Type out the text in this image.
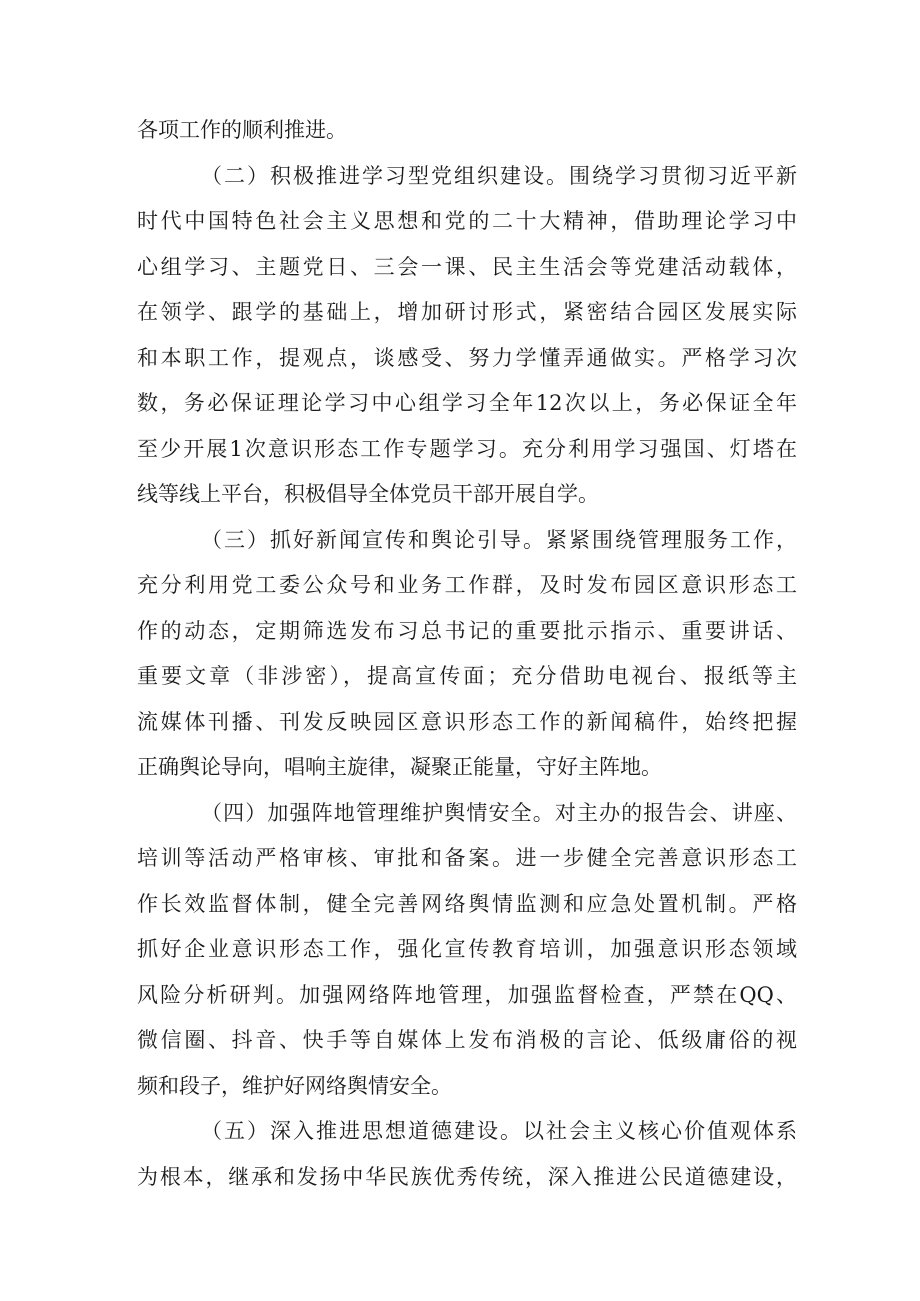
各项工作的顺利推进。
（二）积极推进学习型党组织建设。围绕学习贯彻习近平新
时代中国特色社会主义思想和党的二十大精神，借助理论学习中
心组学习、主题党日、三会一课、民主生活会等党建活动载体，
在领学、跟学的基础上，增加研讨形式，紧密结合园区发展实际
和本职工作，提观点，谈感受、努力学懂弄通做实。严格学习次
数，务必保证理论学习中心组学习全年12次以上，务必保证全年
至少开展1次意识形态工作专题学习。充分利用学习强国、灯塔在
线等线上平台，积极倡导全体党员干部开展自学。
（三）抓好新闻宣传和舆论引导。紧紧围绕管理服务工作，
充分利用党工委公众号和业务工作群，及时发布园区意识形态工
作的动态，定期筛选发布习总书记的重要批示指示、重要讲话、
重要文章（非涉密），提高宣传面；充分借助电视台、报纸等主
流媒体刊播、刊发反映园区意识形态工作的新闻稿件，始终把握
正确舆论导向，唱响主旋律，凝聚正能量，守好主阵地。
（四）加强阵地管理维护舆情安全。对主办的报告会、讲座、
培训等活动严格审核、审批和备案。进一步健全完善意识形态工
作长效监督体制，健全完善网络舆情监测和应急处置机制。严格
抓好企业意识形态工作，强化宣传教育培训，加强意识形态领域
风险分析研判。加强网络阵地管理，加强监督检查，严禁在QQ、
微信圈、抖音、快手等自媒体上发布消极的言论、低级庸俗的视
频和段子，维护好网络舆情安全。
（五）深入推进思想道德建设。以社会主义核心价值观体系
为根本，继承和发扬中华民族优秀传统，深入推进公民道德建设，
